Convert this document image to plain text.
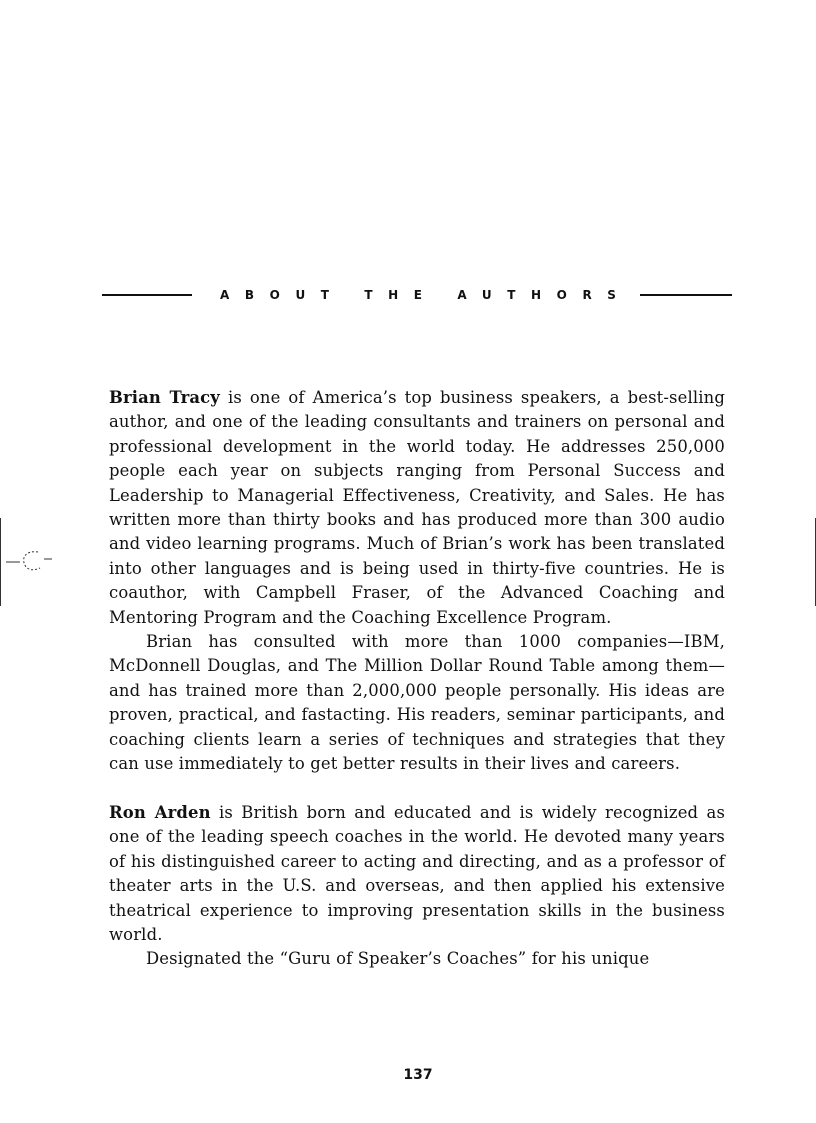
ABOUT THE AUTHORS

Brian Tracy is one of America’s top business speakers, a best-selling author, and one of the leading consultants and trainers on personal and professional development in the world today. He addresses 250,000 people each year on subjects ranging from Personal Success and Leadership to Managerial Effectiveness, Creativity, and Sales. He has written more than thirty books and has produced more than 300 audio and video learning programs. Much of Brian’s work has been translated into other languages and is being used in thirty-five countries. He is coauthor, with Campbell Fraser, of the Advanced Coaching and Mentoring Program and the Coaching Excellence Program.

Brian has consulted with more than 1000 companies—IBM, McDonnell Douglas, and The Million Dollar Round Table among them—and has trained more than 2,000,000 people personally. His ideas are proven, practical, and fastacting. His readers, seminar participants, and coaching clients learn a series of techniques and strategies that they can use immediately to get better results in their lives and careers.

Ron Arden is British born and educated and is widely recognized as one of the leading speech coaches in the world. He devoted many years of his distinguished career to acting and directing, and as a professor of theater arts in the U.S. and overseas, and then applied his extensive theatrical experience to improving presentation skills in the business world.

Designated the “Guru of Speaker’s Coaches” for his unique

137
